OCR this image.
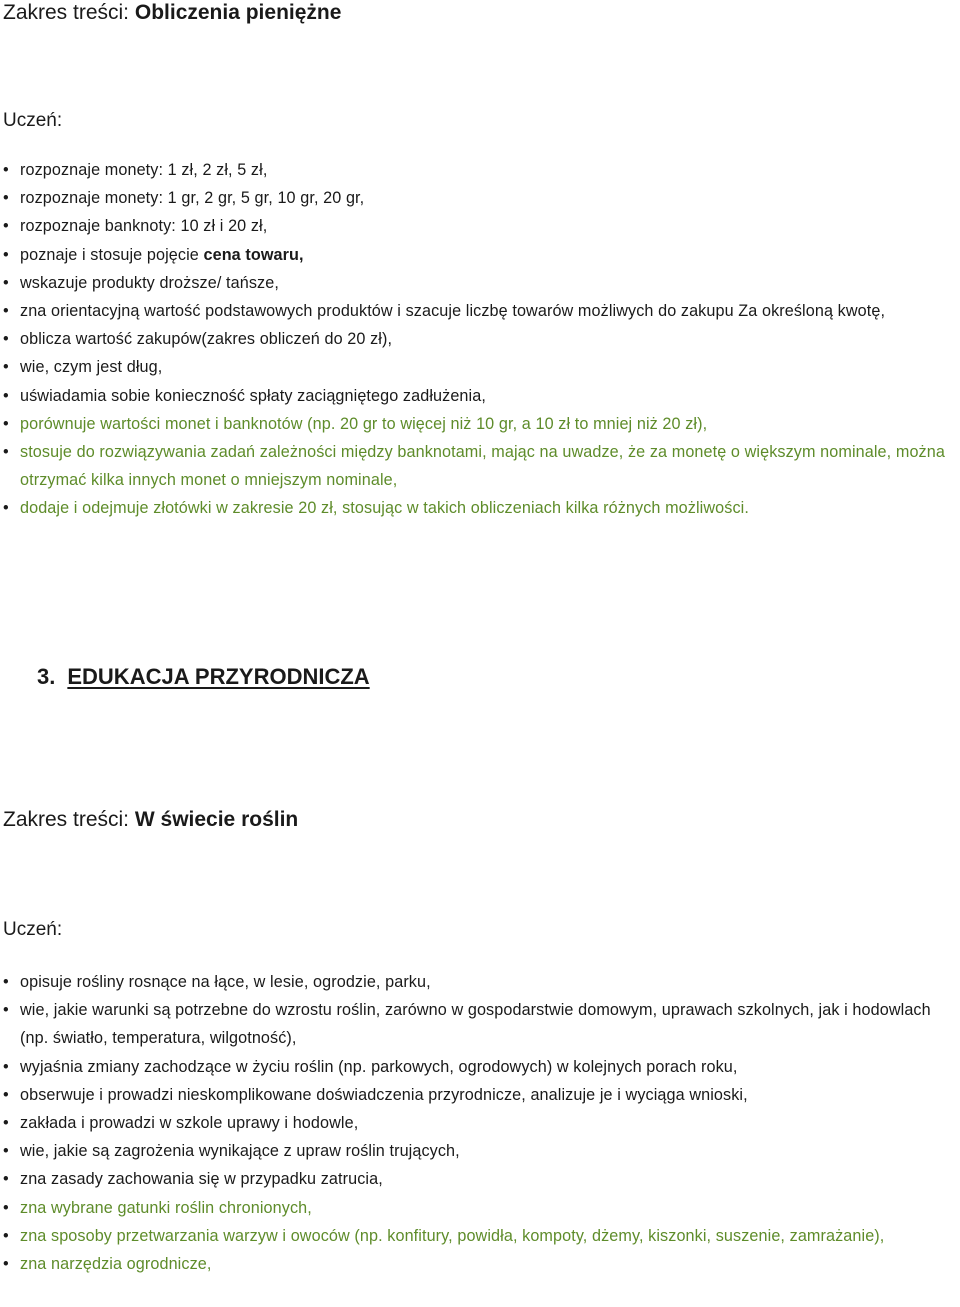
Zakres treści: Obliczenia pieniężne
Uczeń:
• rozpoznaje monety: 1 zł, 2 zł, 5 zł,
• rozpoznaje monety: 1 gr, 2 gr, 5 gr, 10 gr, 20 gr,
• rozpoznaje banknoty: 10 zł i 20 zł,
• poznaje i stosuje pojęcie cena towaru,
• wskazuje produkty droższe/ tańsze,
• zna orientacyjną wartość podstawowych produktów i szacuje liczbę towarów możliwych do zakupu Za określoną kwotę,
• oblicza wartość zakupów(zakres obliczeń do 20 zł),
• wie, czym jest dług,
• uświadamia sobie konieczność spłaty zaciągniętego zadłużenia,
• porównuje wartości monet i banknotów (np. 20 gr to więcej niż 10 gr, a 10 zł to mniej niż 20 zł),
• stosuje do rozwiązywania zadań zależności między banknotami, mając na uwadze, że za monetę o większym nominale, można otrzymać kilka innych monet o mniejszym nominale,
• dodaje i odejmuje złotówki w zakresie 20 zł, stosując w takich obliczeniach kilka różnych możliwości.
3. EDUKACJA PRZYRODNICZA
Zakres treści: W świecie roślin
Uczeń:
• opisuje rośliny rosnące na łące, w lesie, ogrodzie, parku,
• wie, jakie warunki są potrzebne do wzrostu roślin, zarówno w gospodarstwie domowym, uprawach szkolnych, jak i hodowlach (np. światło, temperatura, wilgotność),
• wyjaśnia zmiany zachodzące w życiu roślin (np. parkowych, ogrodowych) w kolejnych porach roku,
• obserwuje i prowadzi nieskomplikowane doświadczenia przyrodnicze, analizuje je i wyciąga wnioski,
• zakłada i prowadzi w szkole uprawy i hodowle,
• wie, jakie są zagrożenia wynikające z upraw roślin trujących,
• zna zasady zachowania się w przypadku zatrucia,
• zna wybrane gatunki roślin chronionych,
• zna sposoby przetwarzania warzyw i owoców (np. konfitury, powidła, kompoty, dżemy, kiszonki, suszenie, zamrażanie),
• zna narzędzia ogrodnicze,
